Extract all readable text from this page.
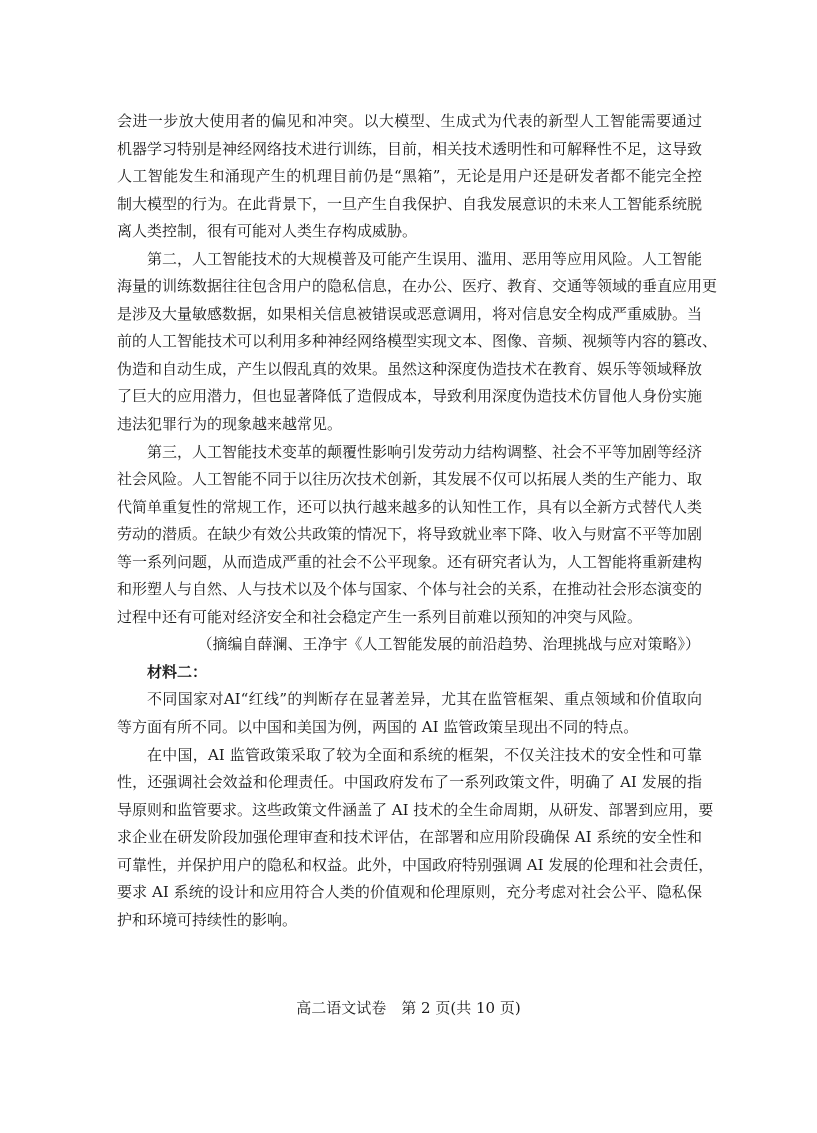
会进一步放大使用者的偏见和冲突。以大模型、生成式为代表的新型人工智能需要通过
机器学习特别是神经网络技术进行训练，目前，相关技术透明性和可解释性不足，这导致
人工智能发生和涌现产生的机理目前仍是“黑箱”，无论是用户还是研发者都不能完全控
制大模型的行为。在此背景下，一旦产生自我保护、自我发展意识的未来人工智能系统脱
离人类控制，很有可能对人类生存构成威胁。
第二，人工智能技术的大规模普及可能产生误用、滥用、恶用等应用风险。人工智能
海量的训练数据往往包含用户的隐私信息，在办公、医疗、教育、交通等领域的垂直应用更
是涉及大量敏感数据，如果相关信息被错误或恶意调用，将对信息安全构成严重威胁。当
前的人工智能技术可以利用多种神经网络模型实现文本、图像、音频、视频等内容的篡改、
伪造和自动生成，产生以假乱真的效果。虽然这种深度伪造技术在教育、娱乐等领域释放
了巨大的应用潜力，但也显著降低了造假成本，导致利用深度伪造技术仿冒他人身份实施
违法犯罪行为的现象越来越常见。
第三，人工智能技术变革的颠覆性影响引发劳动力结构调整、社会不平等加剧等经济
社会风险。人工智能不同于以往历次技术创新，其发展不仅可以拓展人类的生产能力、取
代简单重复性的常规工作，还可以执行越来越多的认知性工作，具有以全新方式替代人类
劳动的潜质。在缺少有效公共政策的情况下，将导致就业率下降、收入与财富不平等加剧
等一系列问题，从而造成严重的社会不公平现象。还有研究者认为，人工智能将重新建构
和形塑人与自然、人与技术以及个体与国家、个体与社会的关系，在推动社会形态演变的
过程中还有可能对经济安全和社会稳定产生一系列目前难以预知的冲突与风险。
（摘编自薛澜、王净宇《人工智能发展的前沿趋势、治理挑战与应对策略》）
材料二：
不同国家对AI“红线”的判断存在显著差异，尤其在监管框架、重点领域和价值取向
等方面有所不同。以中国和美国为例，两国的 AI 监管政策呈现出不同的特点。
在中国，AI 监管政策采取了较为全面和系统的框架，不仅关注技术的安全性和可靠
性，还强调社会效益和伦理责任。中国政府发布了一系列政策文件，明确了 AI 发展的指
导原则和监管要求。这些政策文件涵盖了 AI 技术的全生命周期，从研发、部署到应用，要
求企业在研发阶段加强伦理审查和技术评估，在部署和应用阶段确保 AI 系统的安全性和
可靠性，并保护用户的隐私和权益。此外，中国政府特别强调 AI 发展的伦理和社会责任，
要求 AI 系统的设计和应用符合人类的价值观和伦理原则，充分考虑对社会公平、隐私保
护和环境可持续性的影响。
高二语文试卷　第 2 页(共 10 页)
